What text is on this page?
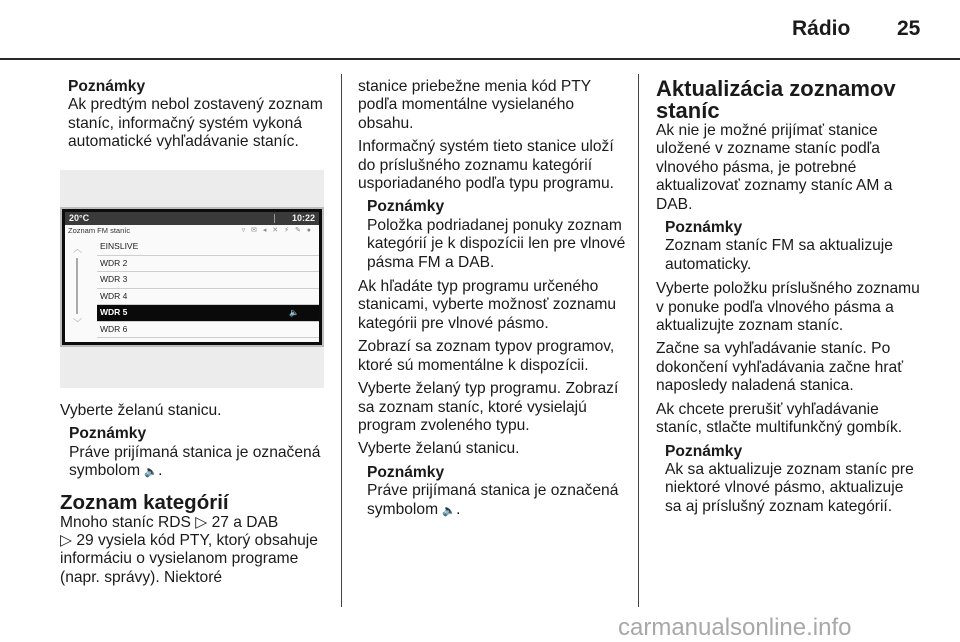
Rádio 25
Poznámky
Ak predtým nebol zostavený zoznam staníc, informačný systém vykoná automatické vyhľadávanie staníc.
20°C	10:22
Zoznam FM staníc	▿ ✉ ◂ ✕ ⚡ ✎ ●
︿
﹀
EINSLIVE
WDR 2
WDR 3
WDR 4
WDR 5	🔈
WDR 6

Vyberte želanú stanicu.

Poznámky
Práve prijímaná stanica je označená symbolom 🔈.
Zoznam kategórií
Mnoho staníc RDS ▷ 27 a DAB
▷ 29 vysiela kód PTY, ktorý obsahuje informáciu o vysielanom programe (napr. správy). Niektoré

stanice priebežne menia kód PTY podľa momentálne vysielaného obsahu.

Informačný systém tieto stanice uloží do príslušného zoznamu kategórií usporiadaného podľa typu programu.

Poznámky
Položka podriadanej ponuky zoznam kategórií je k dispozícii len pre vlnové pásma FM a DAB.

Ak hľadáte typ programu určeného stanicami, vyberte možnosť zoznamu kategórii pre vlnové pásmo.

Zobrazí sa zoznam typov programov, ktoré sú momentálne k dispozícii.

Vyberte želaný typ programu. Zobrazí sa zoznam staníc, ktoré vysielajú program zvoleného typu.

Vyberte želanú stanicu.

Poznámky
Práve prijímaná stanica je označená symbolom 🔈.
Aktualizácia zoznamov staníc

Ak nie je možné prijímať stanice uložené v zozname staníc podľa vlnového pásma, je potrebné aktualizovať zoznamy staníc AM a DAB.

Poznámky
Zoznam staníc FM sa aktualizuje automaticky.

Vyberte položku príslušného zoznamu v ponuke podľa vlnového pásma a aktualizujte zoznam staníc.

Začne sa vyhľadávanie staníc. Po dokončení vyhľadávania začne hrať naposledy naladená stanica.

Ak chcete prerušiť vyhľadávanie staníc, stlačte multifunkčný gombík.

Poznámky
Ak sa aktualizuje zoznam staníc pre niektoré vlnové pásmo, aktualizuje sa aj príslušný zoznam kategórií.
carmanualsonline.info
